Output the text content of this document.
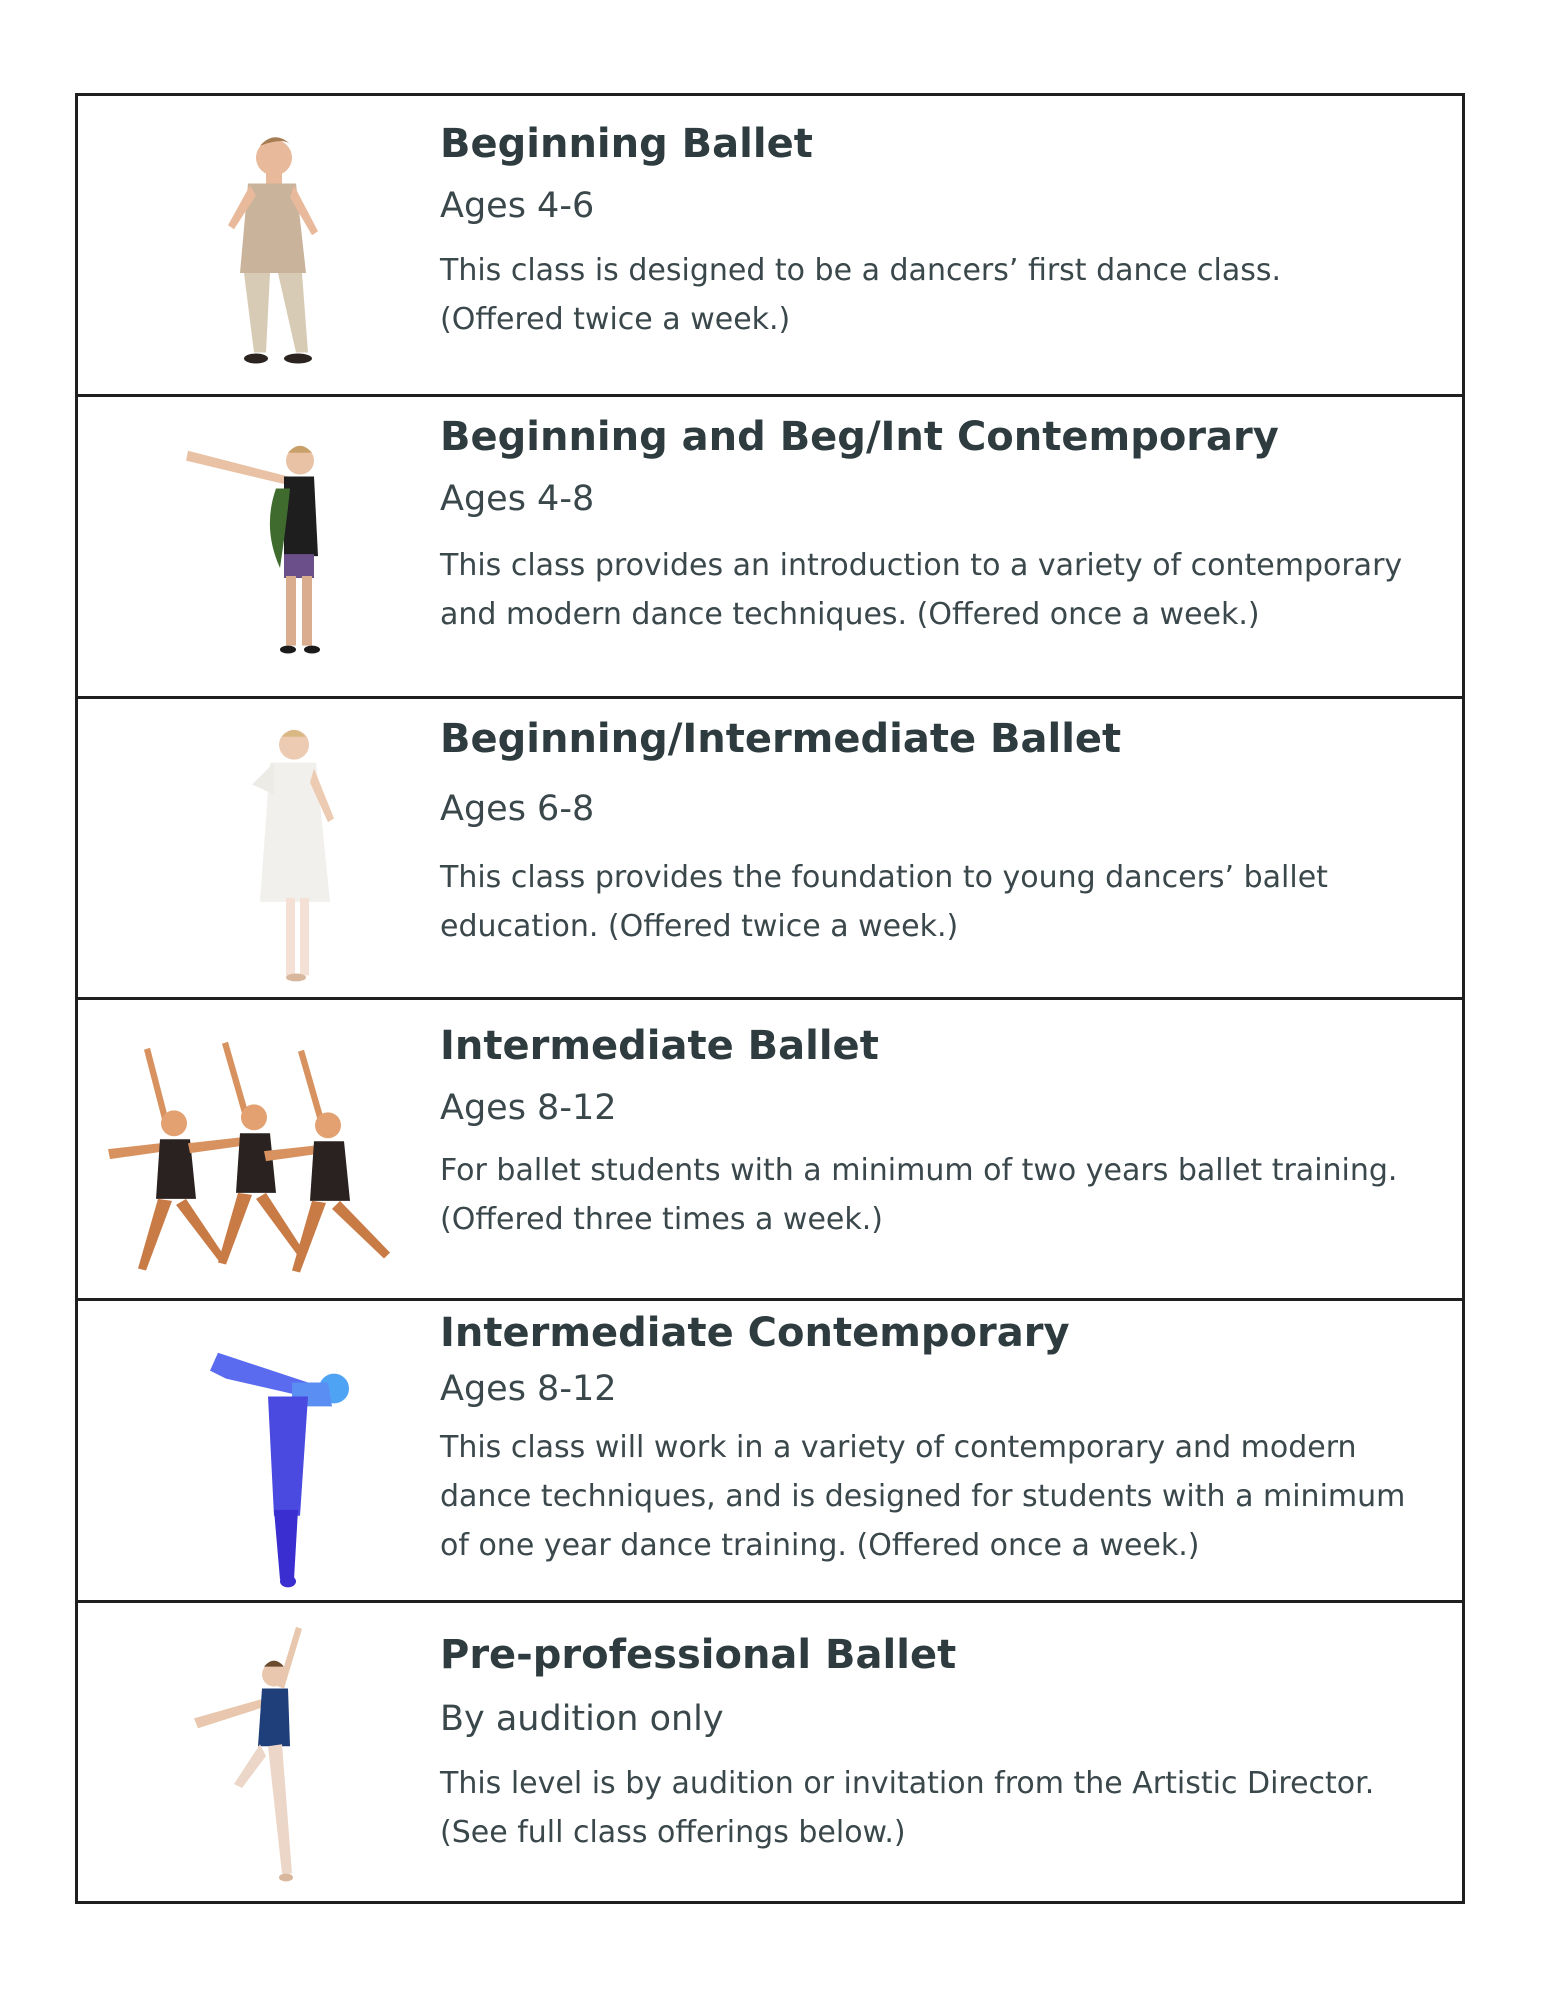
Beginning Ballet
Ages 4-6
This class is designed to be a dancers’ first dance class.
(Offered twice a week.)
Beginning and Beg/Int Contemporary
Ages 4-8
This class provides an introduction to a variety of contemporary
and modern dance techniques. (Offered once a week.)
Beginning/Intermediate Ballet
Ages 6-8
This class provides the foundation to young dancers’ ballet
education. (Offered twice a week.)
Intermediate Ballet
Ages 8-12
For ballet students with a minimum of two years ballet training.
(Offered three times a week.)
Intermediate Contemporary
Ages 8-12
This class will work in a variety of contemporary and modern
dance techniques, and is designed for students with a minimum
of one year dance training. (Offered once a week.)
Pre-professional Ballet
By audition only
This level is by audition or invitation from the Artistic Director.
(See full class offerings below.)
